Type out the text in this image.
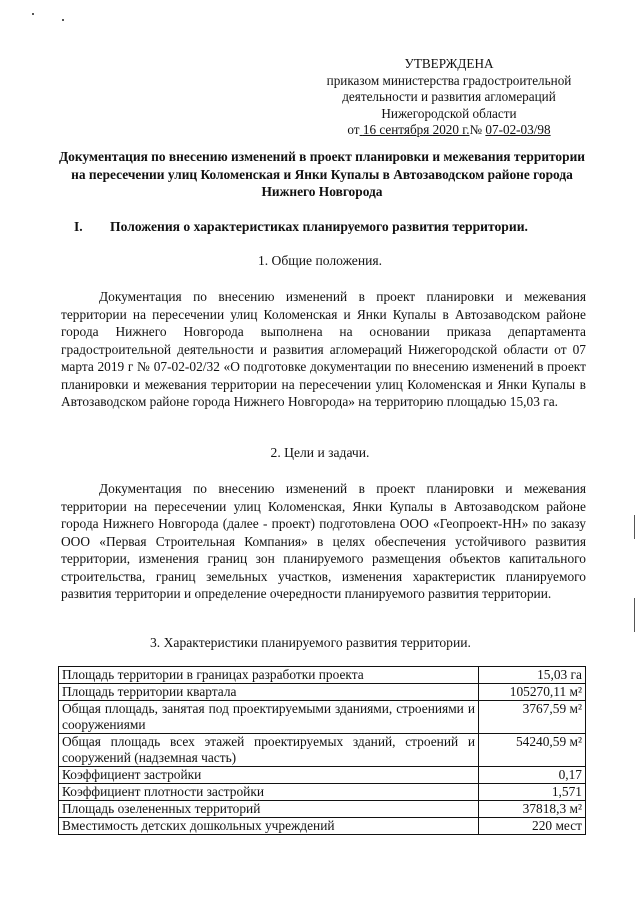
УТВЕРЖДЕНА
приказом министерства градостроительной
деятельности и развития агломераций
Нижегородской области
от 16 сентября 2020 г.№ 07-02-03/98
Документация по внесению изменений в проект планировки и межевания территории на пересечении улиц Коломенская и Янки Купалы в Автозаводском районе города Нижнего Новгорода
I. Положения о характеристиках планируемого развития территории.
1. Общие положения.
Документация по внесению изменений в проект планировки и межевания территории на пересечении улиц Коломенская и Янки Купалы в Автозаводском районе города Нижнего Новгорода выполнена на основании приказа департамента градостроительной деятельности и развития агломераций Нижегородской области от 07 марта 2019 г № 07-02-02/32 «О подготовке документации по внесению изменений в проект планировки и межевания территории на пересечении улиц Коломенская и Янки Купалы в Автозаводском районе города Нижнего Новгорода» на территорию площадью 15,03 га.
2. Цели и задачи.
Документация по внесению изменений в проект планировки и межевания территории на пересечении улиц Коломенская, Янки Купалы в Автозаводском районе города Нижнего Новгорода (далее - проект) подготовлена ООО «Геопроект-НН» по заказу ООО «Первая Строительная Компания» в целях обеспечения устойчивого развития территории, изменения границ зон планируемого размещения объектов капитального строительства, границ земельных участков, изменения характеристик планируемого развития территории и определение очередности планируемого развития территории.
3. Характеристики планируемого развития территории.
Площадь территории в границах разработки проекта	15,03 га
Площадь территории квартала	105270,11 м²
Общая площадь, занятая под проектируемыми зданиями, строениями и сооружениями	3767,59 м²
Общая площадь всех этажей проектируемых зданий, строений и сооружений (надземная часть)	54240,59 м²
Коэффициент застройки	0,17
Коэффициент плотности застройки	1,571
Площадь озелененных территорий	37818,3 м²
Вместимость детских дошкольных учреждений	220 мест
